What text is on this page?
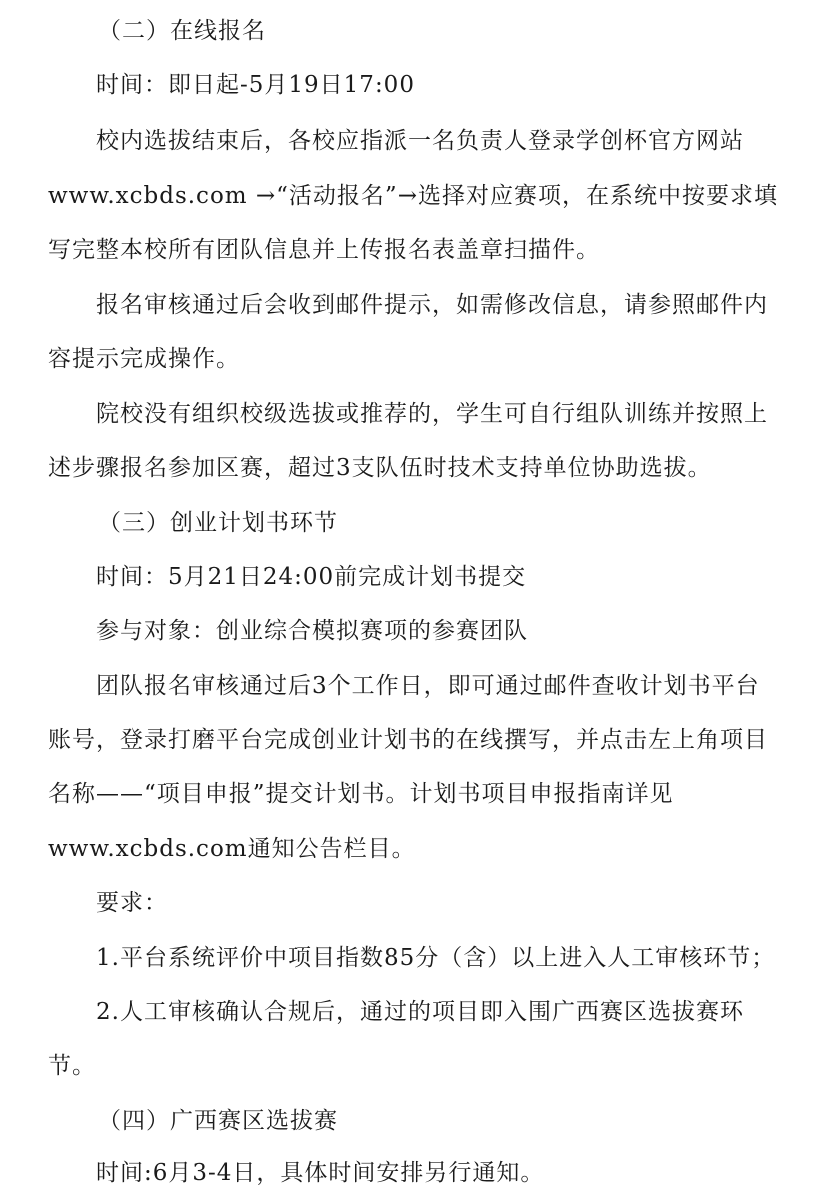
（二）在线报名
时间：即日起-5月19日17:00
校内选拔结束后，各校应指派一名负责人登录学创杯官方网站
www.xcbds.com →“活动报名”→选择对应赛项，在系统中按要求填
写完整本校所有团队信息并上传报名表盖章扫描件。
报名审核通过后会收到邮件提示，如需修改信息，请参照邮件内
容提示完成操作。
院校没有组织校级选拔或推荐的，学生可自行组队训练并按照上
述步骤报名参加区赛，超过3支队伍时技术支持单位协助选拔。
（三）创业计划书环节
时间：5月21日24:00前完成计划书提交
参与对象：创业综合模拟赛项的参赛团队
团队报名审核通过后3个工作日，即可通过邮件查收计划书平台
账号，登录打磨平台完成创业计划书的在线撰写，并点击左上角项目
名称——“项目申报”提交计划书。计划书项目申报指南详见
www.xcbds.com通知公告栏目。
要求：
1.平台系统评价中项目指数85分（含）以上进入人工审核环节；
2.人工审核确认合规后，通过的项目即入围广西赛区选拔赛环
节。
（四）广西赛区选拔赛
时间:6月3-4日，具体时间安排另行通知。
